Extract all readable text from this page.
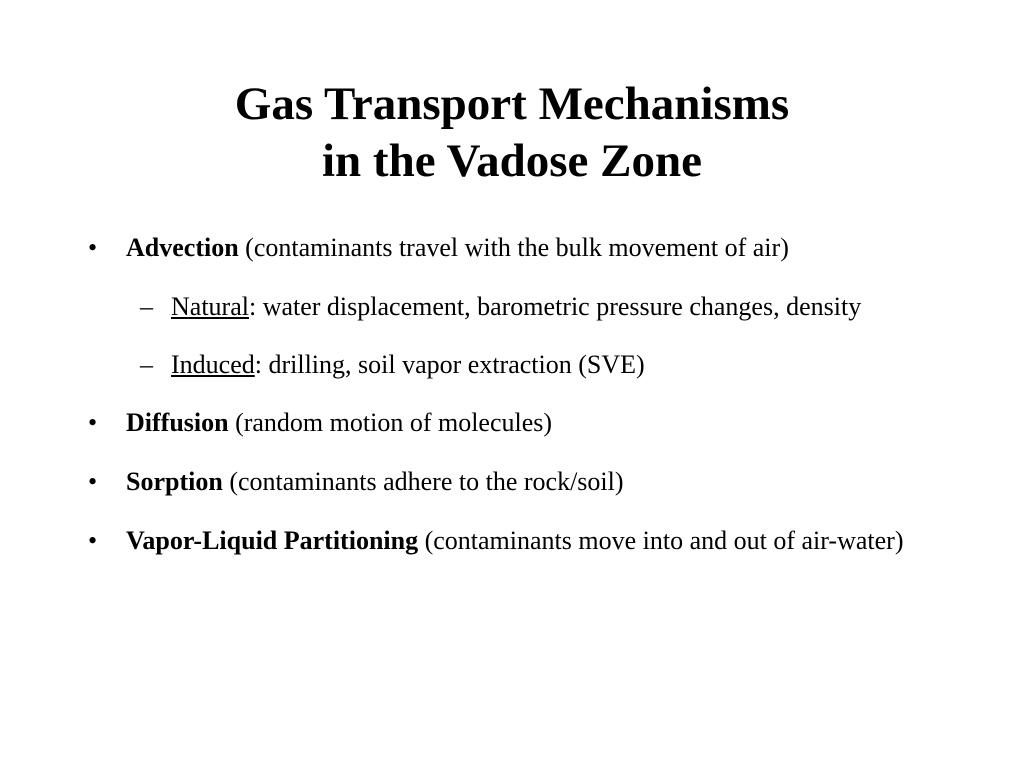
Gas Transport Mechanisms
in the Vadose Zone
• Advection (contaminants travel with the bulk movement of air)
– Natural: water displacement, barometric pressure changes, density
– Induced: drilling, soil vapor extraction (SVE)
• Diffusion (random motion of molecules)
• Sorption (contaminants adhere to the rock/soil)
• Vapor-Liquid Partitioning (contaminants move into and out of air-water)
